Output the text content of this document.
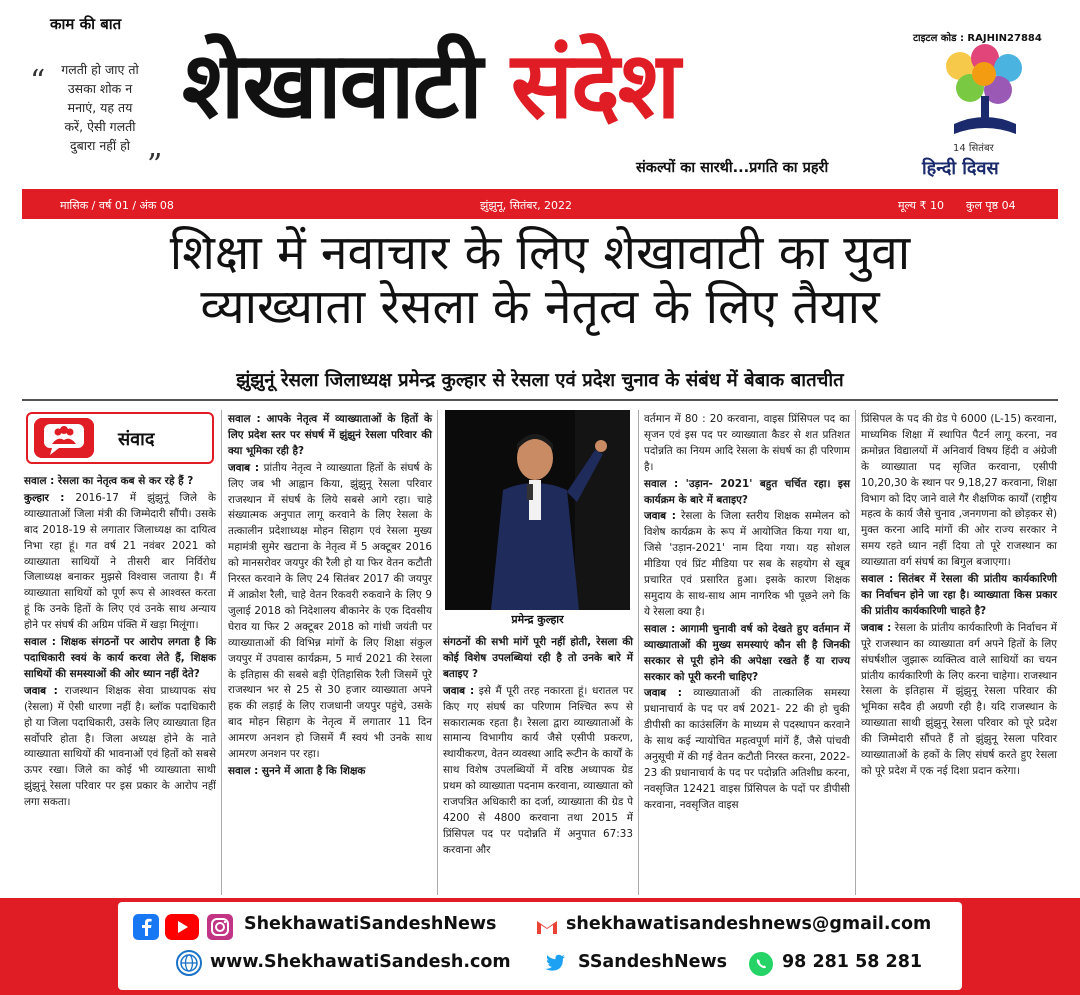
काम की बात
“	गलती हो जाए तो
उसका शोक न
मनाएं, यह तय
करें, ऐसी गलती
दुबारा नहीं हो
”
शेखावाटी संदेश
संकल्पों का सारथी...प्रगति का प्रहरी
टाइटल कोड : RAJHIN27884
14 सितंबर
हिन्दी दिवस
मासिक / वर्ष 01 / अंक 08	झुंझुनू, सितंबर, 2022	मूल्य ₹ 10 कुल पृष्ठ 04
शिक्षा में नवाचार के लिए शेखावाटी का युवा
व्याख्याता रेसला के नेतृत्व के लिए तैयार
झुंझुनूं रेसला जिलाध्यक्ष प्रमेन्द्र कुल्हार से रेसला एवं प्रदेश चुनाव के संबंध में बेबाक बातचीत
संवाद

सवाल : रेसला का नेतृत्व कब से कर रहे हैं ?

कुल्हार : 2016-17 में झुंझुनूं जिले के व्याख्याताओं जिला मंत्री की जिम्मेदारी सौंपी। उसके बाद 2018-19 से लगातार जिलाध्यक्ष का दायित्व निभा रहा हूं। गत वर्ष 21 नवंबर 2021 को व्याख्याता साथियों ने तीसरी बार निर्विरोध जिलाध्यक्ष बनाकर मुझसे विश्वास जताया है। मैं व्याख्याता साथियों को पूर्ण रूप से आश्वस्त करता हूं कि उनके हितों के लिए एवं उनके साथ अन्याय होने पर संघर्ष की अग्रिम पंक्ति में खड़ा मिलूंगा।

सवाल : शिक्षक संगठनों पर आरोप लगता है कि पदाधिकारी स्वयं के कार्य करवा लेते हैं, शिक्षक साथियों की समस्याओं की ओर ध्यान नहीं देते?

जवाब : राजस्थान शिक्षक सेवा प्राध्यापक संघ (रेसला) में ऐसी धारणा नहीं है। ब्लॉक पदाधिकारी हो या जिला पदाधिकारी, उसके लिए व्याख्याता हित सर्वोपरि होता है। जिला अध्यक्ष होने के नाते व्याख्याता साथियों की भावनाओं एवं हितों को सबसे ऊपर रखा। जिले का कोई भी व्याख्याता साथी झुंझुनूं रेसला परिवार पर इस प्रकार के आरोप नहीं लगा सकता।

सवाल : आपके नेतृत्व में व्याख्याताओं के हितों के लिए प्रदेश स्तर पर संघर्ष में झुंझुनं रेसला परिवार की क्या भूमिका रही है?

जवाब : प्रांतीय नेतृत्व ने व्याख्याता हितों के संघर्ष के लिए जब भी आह्वान किया, झुंझुनू रेसला परिवार राजस्थान में संघर्ष के लिये सबसे आगे रहा। चाहे संख्यात्मक अनुपात लागू करवाने के लिए रेसला के तत्कालीन प्रदेशाध्यक्ष मोहन सिहाग एवं रेसला मुख्य महामंत्री सुमेर खटाना के नेतृत्व में 5 अक्टूबर 2016 को मानसरोवर जयपुर की रैली हो या फिर वेतन कटौती निरस्त करवाने के लिए 24 सितंबर 2017 की जयपुर में आक्रोश रैली, चाहे वेतन रिकवरी रुकवाने के लिए 9 जुलाई 2018 को निदेशालय बीकानेर के एक दिवसीय घेराव या फिर 2 अक्टूबर 2018 को गांधी जयंती पर व्याख्याताओं की विभिन्न मांगों के लिए शिक्षा संकुल जयपुर में उपवास कार्यक्रम, 5 मार्च 2021 की रेसला के इतिहास की सबसे बड़ी ऐतिहासिक रैली जिसमें पूरे राजस्थान भर से 25 से 30 हजार व्याख्याता अपने हक की लड़ाई के लिए राजधानी जयपुर पहुंचे, उसके बाद मोहन सिहाग के नेतृत्व में लगातार 11 दिन आमरण अनशन हो जिसमें मैं स्वयं भी उनके साथ आमरण अनशन पर रहा।

सवाल : सुनने में आता है कि शिक्षक

प्रमेन्द्र कुल्हार

संगठनों की सभी मांगें पूरी नहीं होती, रेसला की कोई विशेष उपलब्धियां रही है तो उनके बारे में बताइए ?

जवाब : इसे मैं पूरी तरह नकारता हूं। धरातल पर किए गए संघर्ष का परिणाम निश्चित रूप से सकारात्मक रहता है। रेसला द्वारा व्याख्याताओं के सामान्य विभागीय कार्य जैसे एसीपी प्रकरण, स्थायीकरण, वेतन व्यवस्था आदि रूटीन के कार्यों के साथ विशेष उपलब्धियों में वरिष्ठ अध्यापक ग्रेड प्रथम को व्याख्याता पदनाम करवाना, व्याख्याता को राजपत्रित अधिकारी का दर्जा, व्याख्याता की ग्रेड पे 4200 से 4800 करवाना तथा 2015 में प्रिंसिपल पद पर पदोन्नति में अनुपात 67:33 करवाना और

वर्तमान में 80 : 20 करवाना, वाइस प्रिंसिपल पद का सृजन एवं इस पद पर व्याख्याता कैडर से शत प्रतिशत पदोन्नति का नियम आदि रेसला के संघर्ष का ही परिणाम है।

सवाल : 'उड़ान- 2021' बहुत चर्चित रहा। इस कार्यक्रम के बारे में बताइए?

जवाब : रेसला के जिला स्तरीय शिक्षक सम्मेलन को विशेष कार्यक्रम के रूप में आयोजित किया गया था, जिसे 'उड़ान-2021' नाम दिया गया। यह सोशल मीडिया एवं प्रिंट मीडिया पर सब के सहयोग से खूब प्रचारित एवं प्रसारित हुआ। इसके कारण शिक्षक समुदाय के साथ-साथ आम नागरिक भी पूछने लगे कि ये रेसला क्या है।

सवाल : आगामी चुनावी वर्ष को देखते हुए वर्तमान में व्याख्याताओं की मुख्य समस्याएं कौन सी है जिनकी सरकार से पूरी होने की अपेक्षा रखते हैं या राज्य सरकार को पूरी करनी चाहिए?

जवाब : व्याख्याताओं की तात्कालिक समस्या प्रधानाचार्य के पद पर वर्ष 2021- 22 की हो चुकी डीपीसी का काउंसलिंग के माध्यम से पदस्थापन करवाने के साथ कई न्यायोचित महत्वपूर्ण मांगें हैं, जैसे पांचवी अनुसूची में की गई वेतन कटौती निरस्त करना, 2022- 23 की प्रधानाचार्य के पद पर पदोन्नति अतिशीघ्र करना, नवसृजित 12421 वाइस प्रिंसिपल के पदों पर डीपीसी करवाना, नवसृजित वाइस

प्रिंसिपल के पद की ग्रेड पे 6000 (L-15) करवाना, माध्यमिक शिक्षा में स्थापित पैटर्न लागू करना, नव क्रमोन्नत विद्यालयों में अनिवार्य विषय हिंदी व अंग्रेजी के व्याख्याता पद सृजित करवाना, एसीपी 10,20,30 के स्थान पर 9,18,27 करवाना, शिक्षा विभाग को दिए जाने वाले गैर शैक्षणिक कार्यों (राष्ट्रीय महत्व के कार्य जैसे चुनाव ,जनगणना को छोड़कर से) मुक्त करना आदि मांगों की ओर राज्य सरकार ने समय रहते ध्यान नहीं दिया तो पूरे राजस्थान का व्याख्याता वर्ग संघर्ष का बिगुल बजाएगा।

सवाल : सितंबर में रेसला की प्रांतीय कार्यकारिणी का निर्वाचन होने जा रहा है। व्याख्याता किस प्रकार की प्रांतीय कार्यकारिणी चाहते है?

जवाब : रेसला के प्रांतीय कार्यकारिणी के निर्वाचन में पूरे राजस्थान का व्याख्याता वर्ग अपने हितों के लिए संघर्षशील जुझारू व्यक्तित्व वाले साथियों का चयन प्रांतीय कार्यकारिणी के लिए करना चाहेगा। राजस्थान रेसला के इतिहास में झुंझुनू रेसला परिवार की भूमिका सदैव ही अग्रणी रही है। यदि राजस्थान के व्याख्याता साथी झुंझुनू रेसला परिवार को पूरे प्रदेश की जिम्मेदारी सौंपते हैं तो झुंझुनू रेसला परिवार व्याख्याताओं के हकों के लिए संघर्ष करते हुए रेसला को पूरे प्रदेश में एक नई दिशा प्रदान करेगा।

ShekhawatiSandeshNews	shekhawatisandeshnews@gmail.com
www.ShekhawatiSandesh.com	SSandeshNews	98 281 58 281
